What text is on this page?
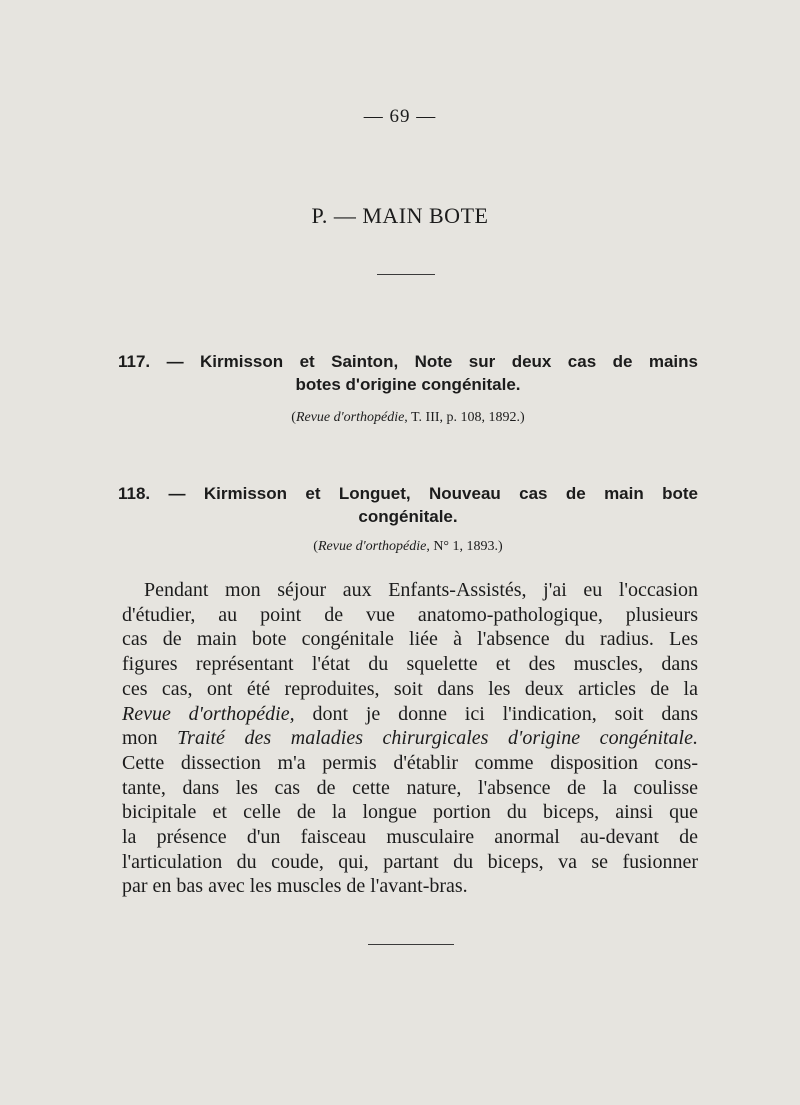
— 69 —
P. — MAIN BOTE
117. — Kirmisson et Sainton, Note sur deux cas de mains
botes d'origine congénitale.
(Revue d'orthopédie, T. III, p. 108, 1892.)
118. — Kirmisson et Longuet, Nouveau cas de main bote
congénitale.
(Revue d'orthopédie, N° 1, 1893.)
Pendant mon séjour aux Enfants-Assistés, j'ai eu l'occasion
d'étudier, au point de vue anatomo-pathologique, plusieurs
cas de main bote congénitale liée à l'absence du radius. Les
figures représentant l'état du squelette et des muscles, dans
ces cas, ont été reproduites, soit dans les deux articles de la
Revue d'orthopédie, dont je donne ici l'indication, soit dans
mon Traité des maladies chirurgicales d'origine congénitale.
Cette dissection m'a permis d'établir comme disposition cons-
tante, dans les cas de cette nature, l'absence de la coulisse
bicipitale et celle de la longue portion du biceps, ainsi que
la présence d'un faisceau musculaire anormal au-devant de
l'articulation du coude, qui, partant du biceps, va se fusionner
par en bas avec les muscles de l'avant-bras.
